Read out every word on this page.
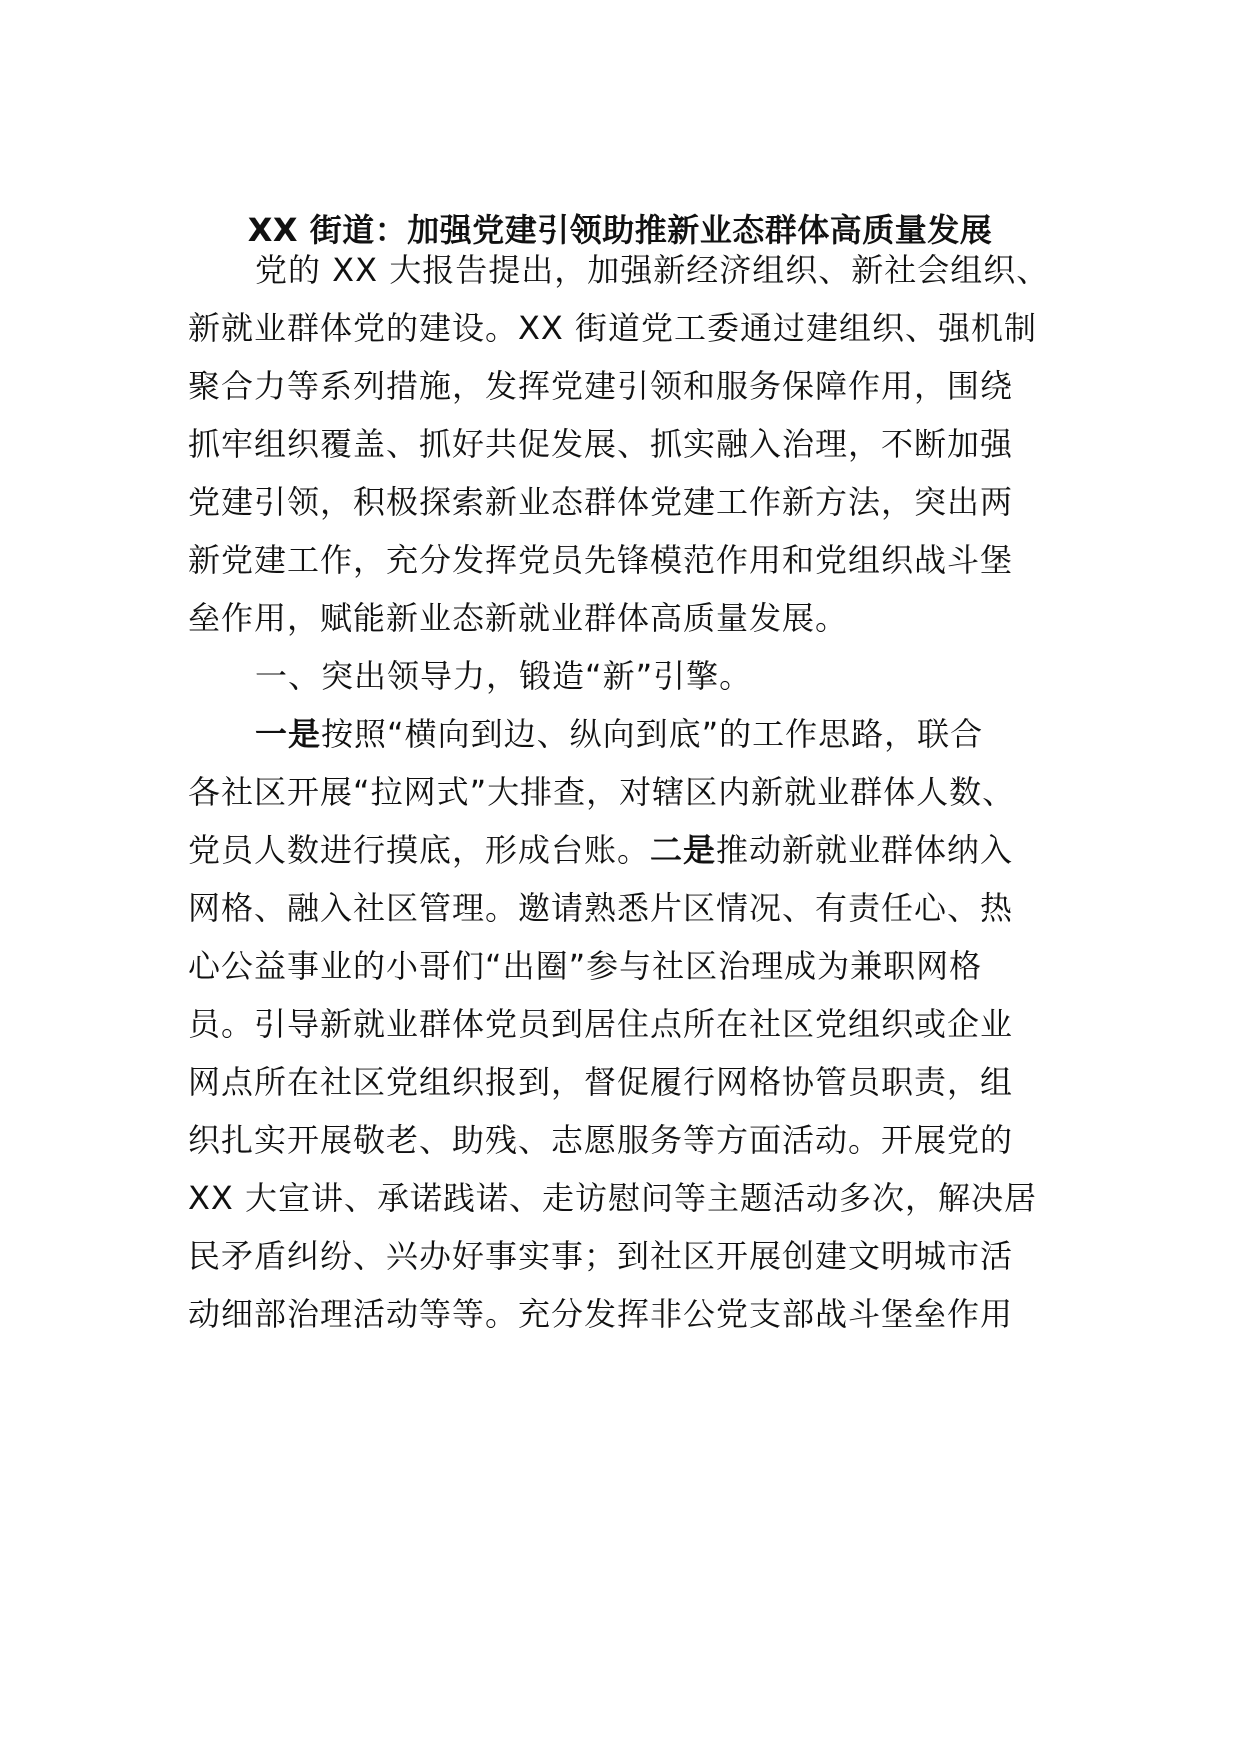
XX 街道：加强党建引领助推新业态群体高质量发展
党的 XX 大报告提出，加强新经济组织、新社会组织、
新就业群体党的建设。XX 街道党工委通过建组织、强机制
聚合力等系列措施，发挥党建引领和服务保障作用，围绕
抓牢组织覆盖、抓好共促发展、抓实融入治理，不断加强
党建引领，积极探索新业态群体党建工作新方法，突出两
新党建工作，充分发挥党员先锋模范作用和党组织战斗堡
垒作用，赋能新业态新就业群体高质量发展。
一、突出领导力，锻造“新”引擎。
一是按照“横向到边、纵向到底”的工作思路，联合
各社区开展“拉网式”大排查，对辖区内新就业群体人数、
党员人数进行摸底，形成台账。二是推动新就业群体纳入
网格、融入社区管理。邀请熟悉片区情况、有责任心、热
心公益事业的小哥们“出圈”参与社区治理成为兼职网格
员。引导新就业群体党员到居住点所在社区党组织或企业
网点所在社区党组织报到，督促履行网格协管员职责，组
织扎实开展敬老、助残、志愿服务等方面活动。开展党的
XX 大宣讲、承诺践诺、走访慰问等主题活动多次，解决居
民矛盾纠纷、兴办好事实事；到社区开展创建文明城市活
动细部治理活动等等。充分发挥非公党支部战斗堡垒作用
